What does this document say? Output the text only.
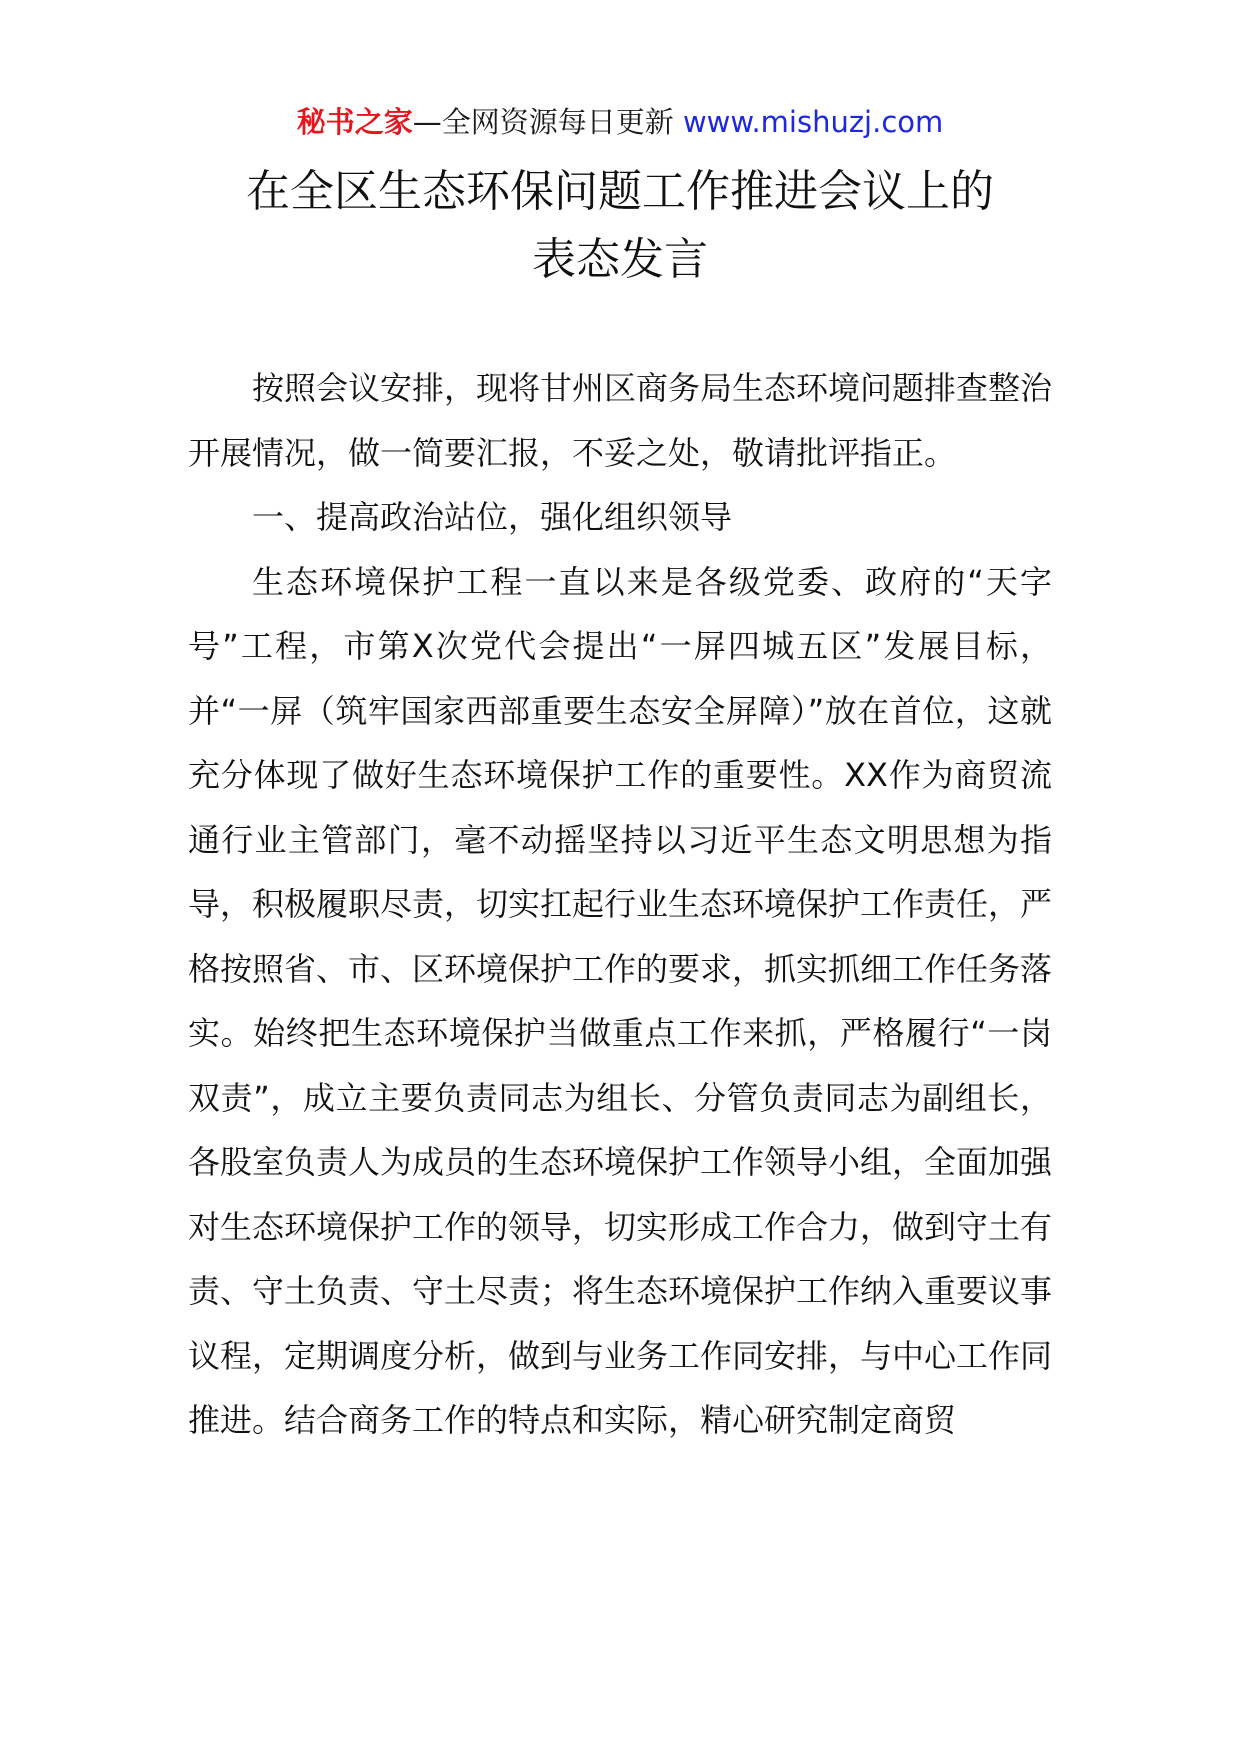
秘书之家—全网资源每日更新 www.mishuzj.com
在全区生态环保问题工作推进会议上的
表态发言

按照会议安排，现将甘州区商务局生态环境问题排查整治开展情况，做一简要汇报，不妥之处，敬请批评指正。

一、提高政治站位，强化组织领导

生态环境保护工程一直以来是各级党委、政府的“天字号”工程，市第Ⅹ次党代会提出“一屏四城五区”发展目标，并“一屏（筑牢国家西部重要生态安全屏障）”放在首位，这就充分体现了做好生态环境保护工作的重要性。XX作为商贸流通行业主管部门，毫不动摇坚持以习近平生态文明思想为指导，积极履职尽责，切实扛起行业生态环境保护工作责任，严格按照省、市、区环境保护工作的要求，抓实抓细工作任务落实。始终把生态环境保护当做重点工作来抓，严格履行“一岗双责”，成立主要负责同志为组长、分管负责同志为副组长，各股室负责人为成员的生态环境保护工作领导小组，全面加强对生态环境保护工作的领导，切实形成工作合力，做到守土有责、守土负责、守土尽责；将生态环境保护工作纳入重要议事议程，定期调度分析，做到与业务工作同安排，与中心工作同推进。结合商务工作的特点和实际，精心研究制定商贸
